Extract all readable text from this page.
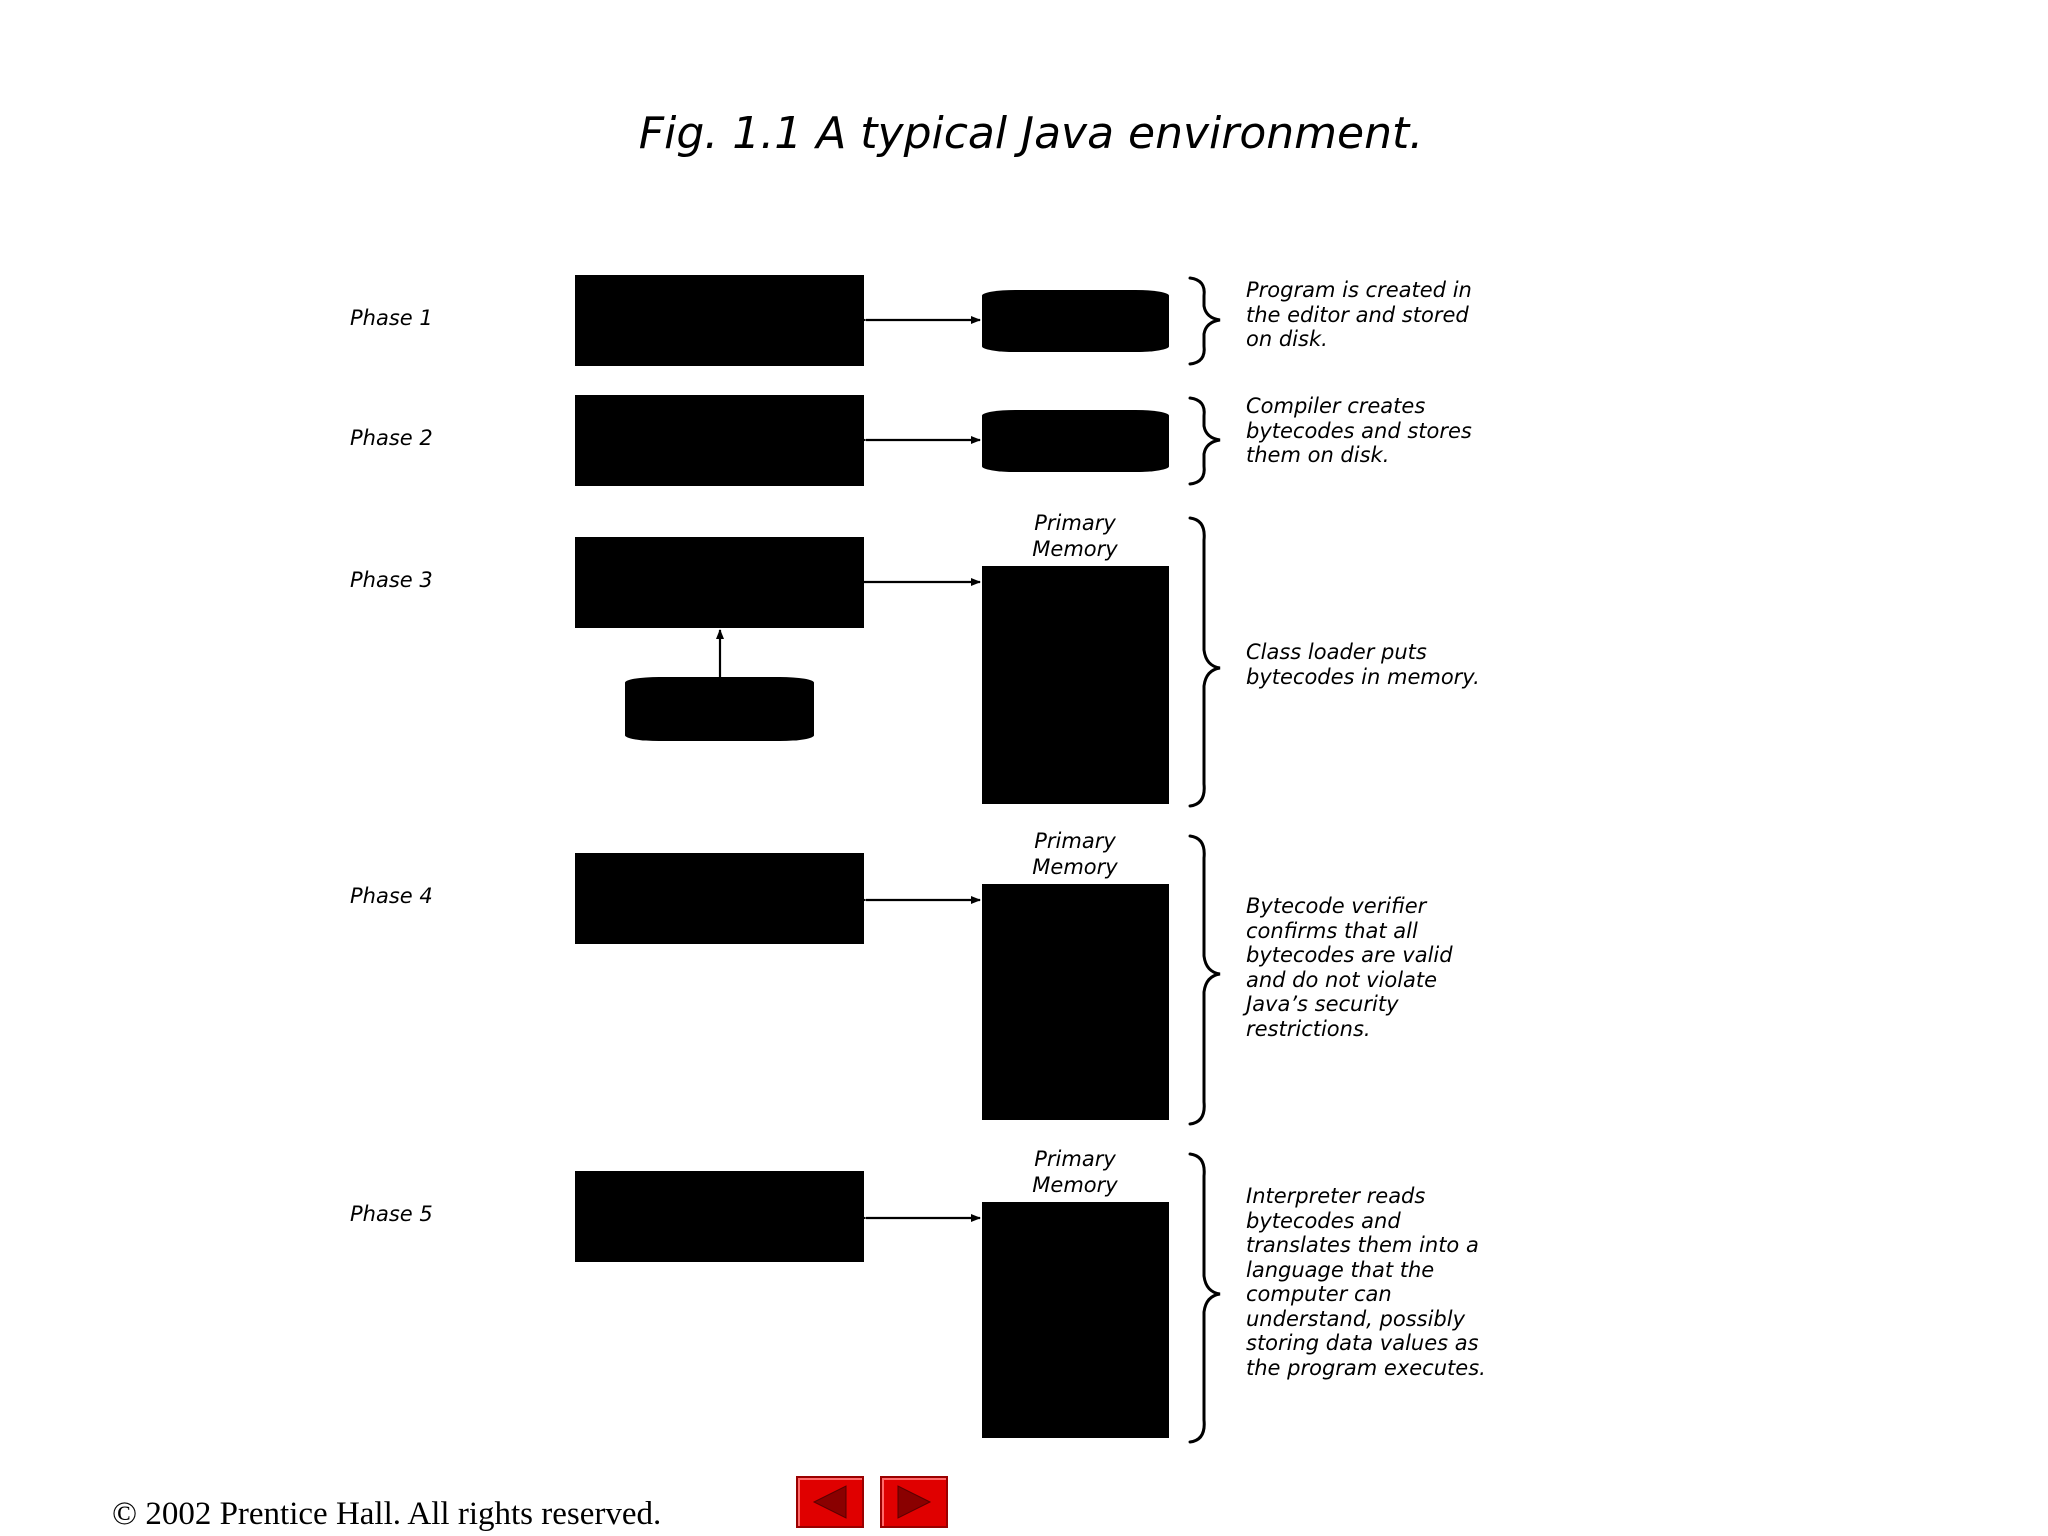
Fig. 1.1 A typical Java environment.
Phase 1
Phase 2
Phase 3
Phase 4
Phase 5
Primary
Memory
Primary
Memory
Primary
Memory
Program is created in
the editor and stored
on disk.
Compiler creates
bytecodes and stores
them on disk.
Class loader puts
bytecodes in memory.
Bytecode verifier
confirms that all
bytecodes are valid
and do not violate
Java’s security
restrictions.
Interpreter reads
bytecodes and
translates them into a
language that the
computer can
understand, possibly
storing data values as
the program executes.
© 2002 Prentice Hall. All rights reserved.
